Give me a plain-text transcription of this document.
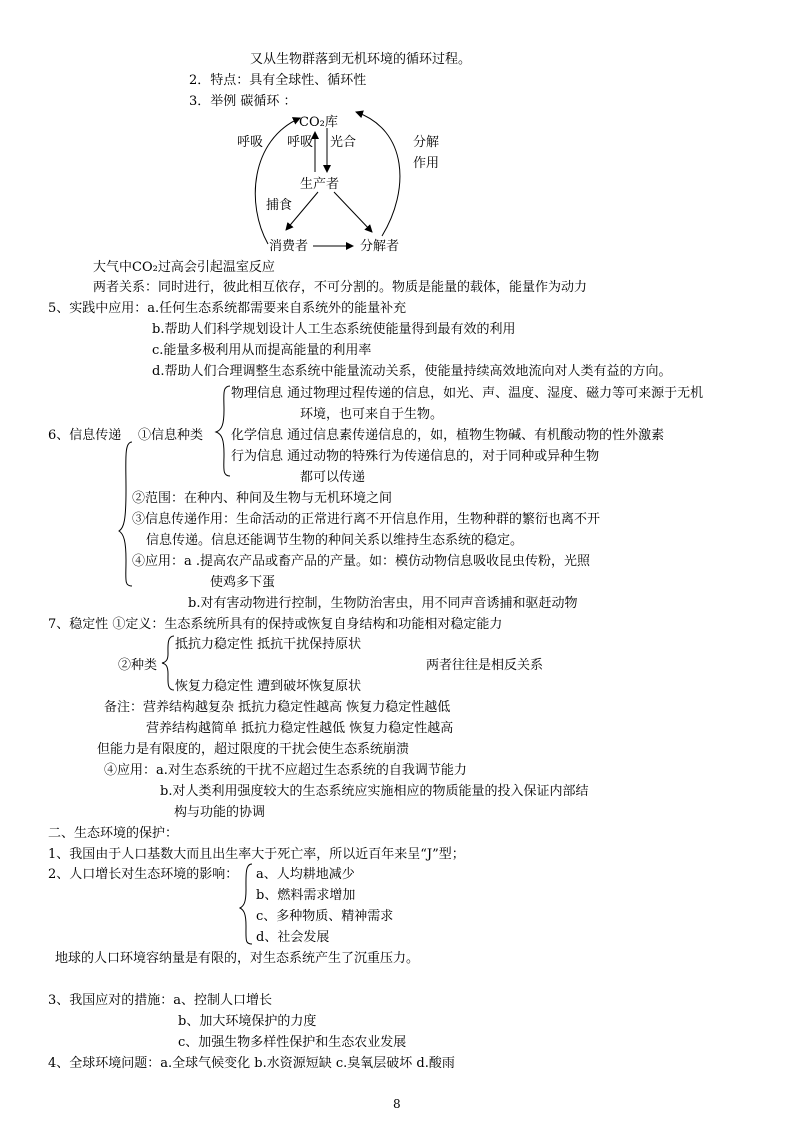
又从生物群落到无机环境的循环过程。
2．特点：具有全球性、循环性
3．举例 碳循环 ：
CO₂库
呼吸 呼吸 光合	分解
作用
生产者
捕食
消费者	分解者
大气中CO₂过高会引起温室反应
两者关系：同时进行，彼此相互依存，不可分割的。物质是能量的载体，能量作为动力
5、实践中应用：a.任何生态系统都需要来自系统外的能量补充
b.帮助人们科学规划设计人工生态系统使能量得到最有效的利用
c.能量多极利用从而提高能量的利用率
d.帮助人们合理调整生态系统中能量流动关系，使能量持续高效地流向对人类有益的方向。
物理信息 通过物理过程传递的信息，如光、声、温度、湿度、磁力等可来源于无机
环境，也可来自于生物。
6、信息传递 ①信息种类 化学信息 通过信息素传递信息的，如，植物生物碱、有机酸动物的性外激素
行为信息 通过动物的特殊行为传递信息的，对于同种或异种生物
都可以传递
②范围：在种内、种间及生物与无机环境之间
③信息传递作用：生命活动的正常进行离不开信息作用，生物种群的繁衍也离不开
信息传递。信息还能调节生物的种间关系以维持生态系统的稳定。
④应用：a .提高农产品或畜产品的产量。如：模仿动物信息吸收昆虫传粉，光照
使鸡多下蛋
b.对有害动物进行控制，生物防治害虫，用不同声音诱捕和驱赶动物
7、稳定性 ①定义：生态系统所具有的保持或恢复自身结构和功能相对稳定能力
抵抗力稳定性 抵抗干扰保持原状
②种类	两者往往是相反关系
恢复力稳定性 遭到破坏恢复原状
备注：营养结构越复杂 抵抗力稳定性越高 恢复力稳定性越低
营养结构越简单 抵抗力稳定性越低 恢复力稳定性越高
但能力是有限度的，超过限度的干扰会使生态系统崩溃
④应用：a.对生态系统的干扰不应超过生态系统的自我调节能力
b.对人类利用强度较大的生态系统应实施相应的物质能量的投入保证内部结
构与功能的协调
二、生态环境的保护：
1、我国由于人口基数大而且出生率大于死亡率，所以近百年来呈“J”型；
2、人口增长对生态环境的影响： a、人均耕地减少
b、燃料需求增加
c、多种物质、精神需求
d、社会发展
地球的人口环境容纳量是有限的，对生态系统产生了沉重压力。
3、我国应对的措施：a、控制人口增长
b、加大环境保护的力度
c、加强生物多样性保护和生态农业发展
4、全球环境问题：a.全球气候变化 b.水资源短缺 c.臭氧层破坏 d.酸雨
8
